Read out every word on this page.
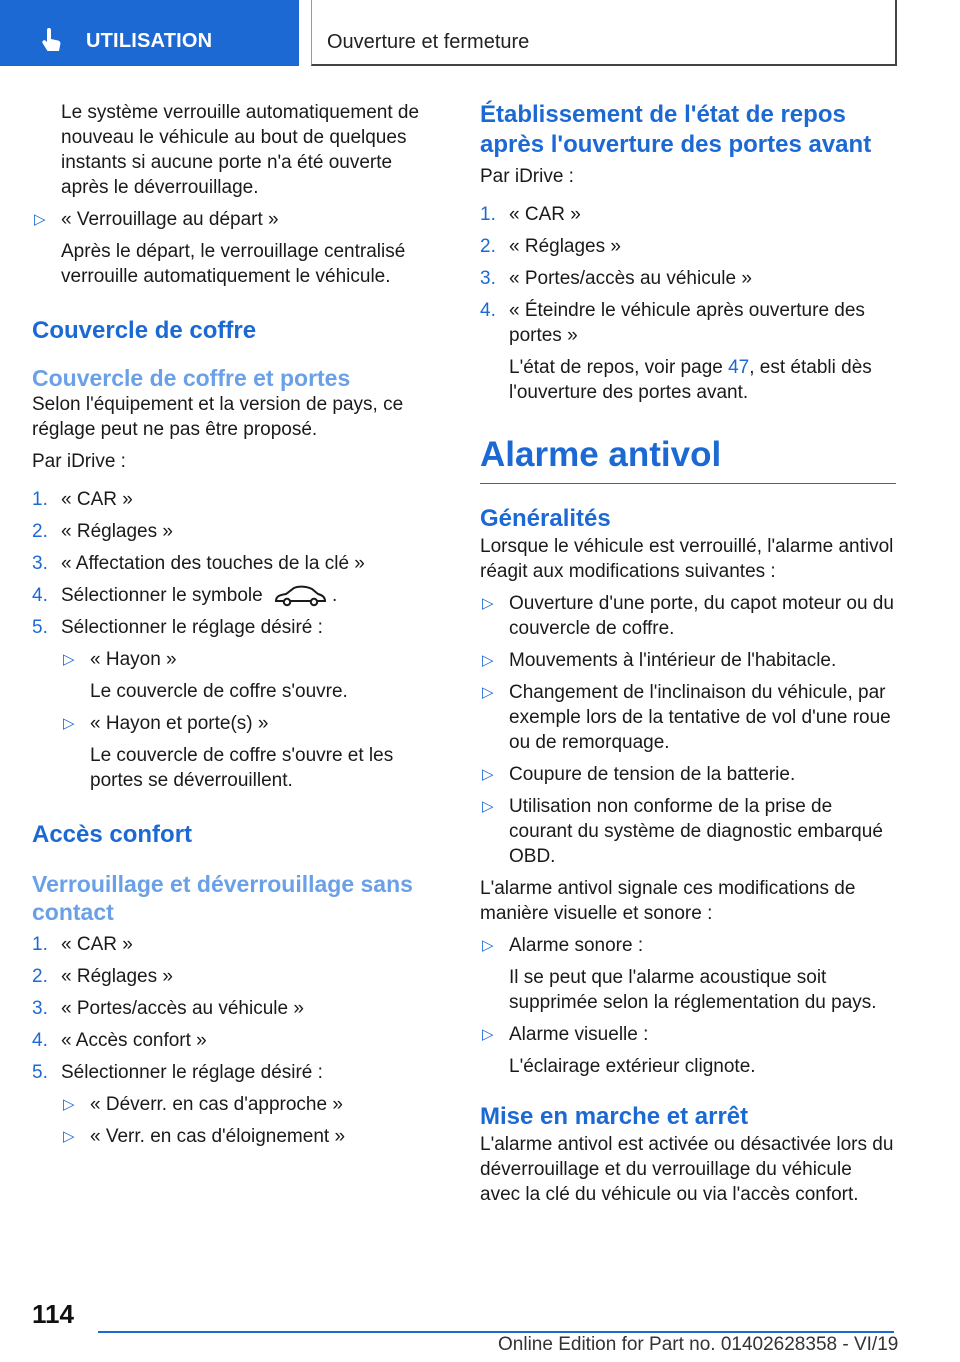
UTILISATION	Ouverture et fermeture

Le système verrouille automatiquement de nouveau le véhicule au bout de quelques instants si aucune porte n'a été ouverte après le déverrouillage.

▷ « Verrouillage au départ »

Après le départ, le verrouillage centralisé verrouille automatiquement le véhicule.

Couvercle de coffre
Couvercle de coffre et portes

Selon l'équipement et la version de pays, ce réglage peut ne pas être proposé.

Par iDrive :

1. « CAR »

2. « Réglages »

3. « Affectation des touches de la clé »

4. Sélectionner le symbole	.

5. Sélectionner le réglage désiré :

▷ « Hayon »

Le couvercle de coffre s'ouvre.

▷ « Hayon et porte(s) »

Le couvercle de coffre s'ouvre et les portes se déverrouillent.

Accès confort
Verrouillage et déverrouillage sans contact
1. « CAR »

2. « Réglages »

3. « Portes/accès au véhicule »

4. « Accès confort »

5. Sélectionner le réglage désiré :

▷ « Déverr. en cas d'approche »

▷ « Verr. en cas d'éloignement »

Établissement de l'état de repos après l'ouverture des portes avant

Par iDrive :

1. « CAR »

2. « Réglages »

3. « Portes/accès au véhicule »

4. « Éteindre le véhicule après ouverture des portes »

L'état de repos, voir page 47, est établi dès l'ouverture des portes avant.

Alarme antivol
Généralités

Lorsque le véhicule est verrouillé, l'alarme antivol réagit aux modifications suivantes :

▷ Ouverture d'une porte, du capot moteur ou du couvercle de coffre.

▷ Mouvements à l'intérieur de l'habitacle.

▷ Changement de l'inclinaison du véhicule, par exemple lors de la tentative de vol d'une roue ou de remorquage.

▷ Coupure de tension de la batterie.

▷ Utilisation non conforme de la prise de courant du système de diagnostic embarqué OBD.

L'alarme antivol signale ces modifications de manière visuelle et sonore :

▷ Alarme sonore :

Il se peut que l'alarme acoustique soit supprimée selon la réglementation du pays.

▷ Alarme visuelle :

L'éclairage extérieur clignote.

Mise en marche et arrêt

L'alarme antivol est activée ou désactivée lors du déverrouillage et du verrouillage du véhicule avec la clé du véhicule ou via l'accès confort.

114
Online Edition for Part no. 01402628358 - VI/19
